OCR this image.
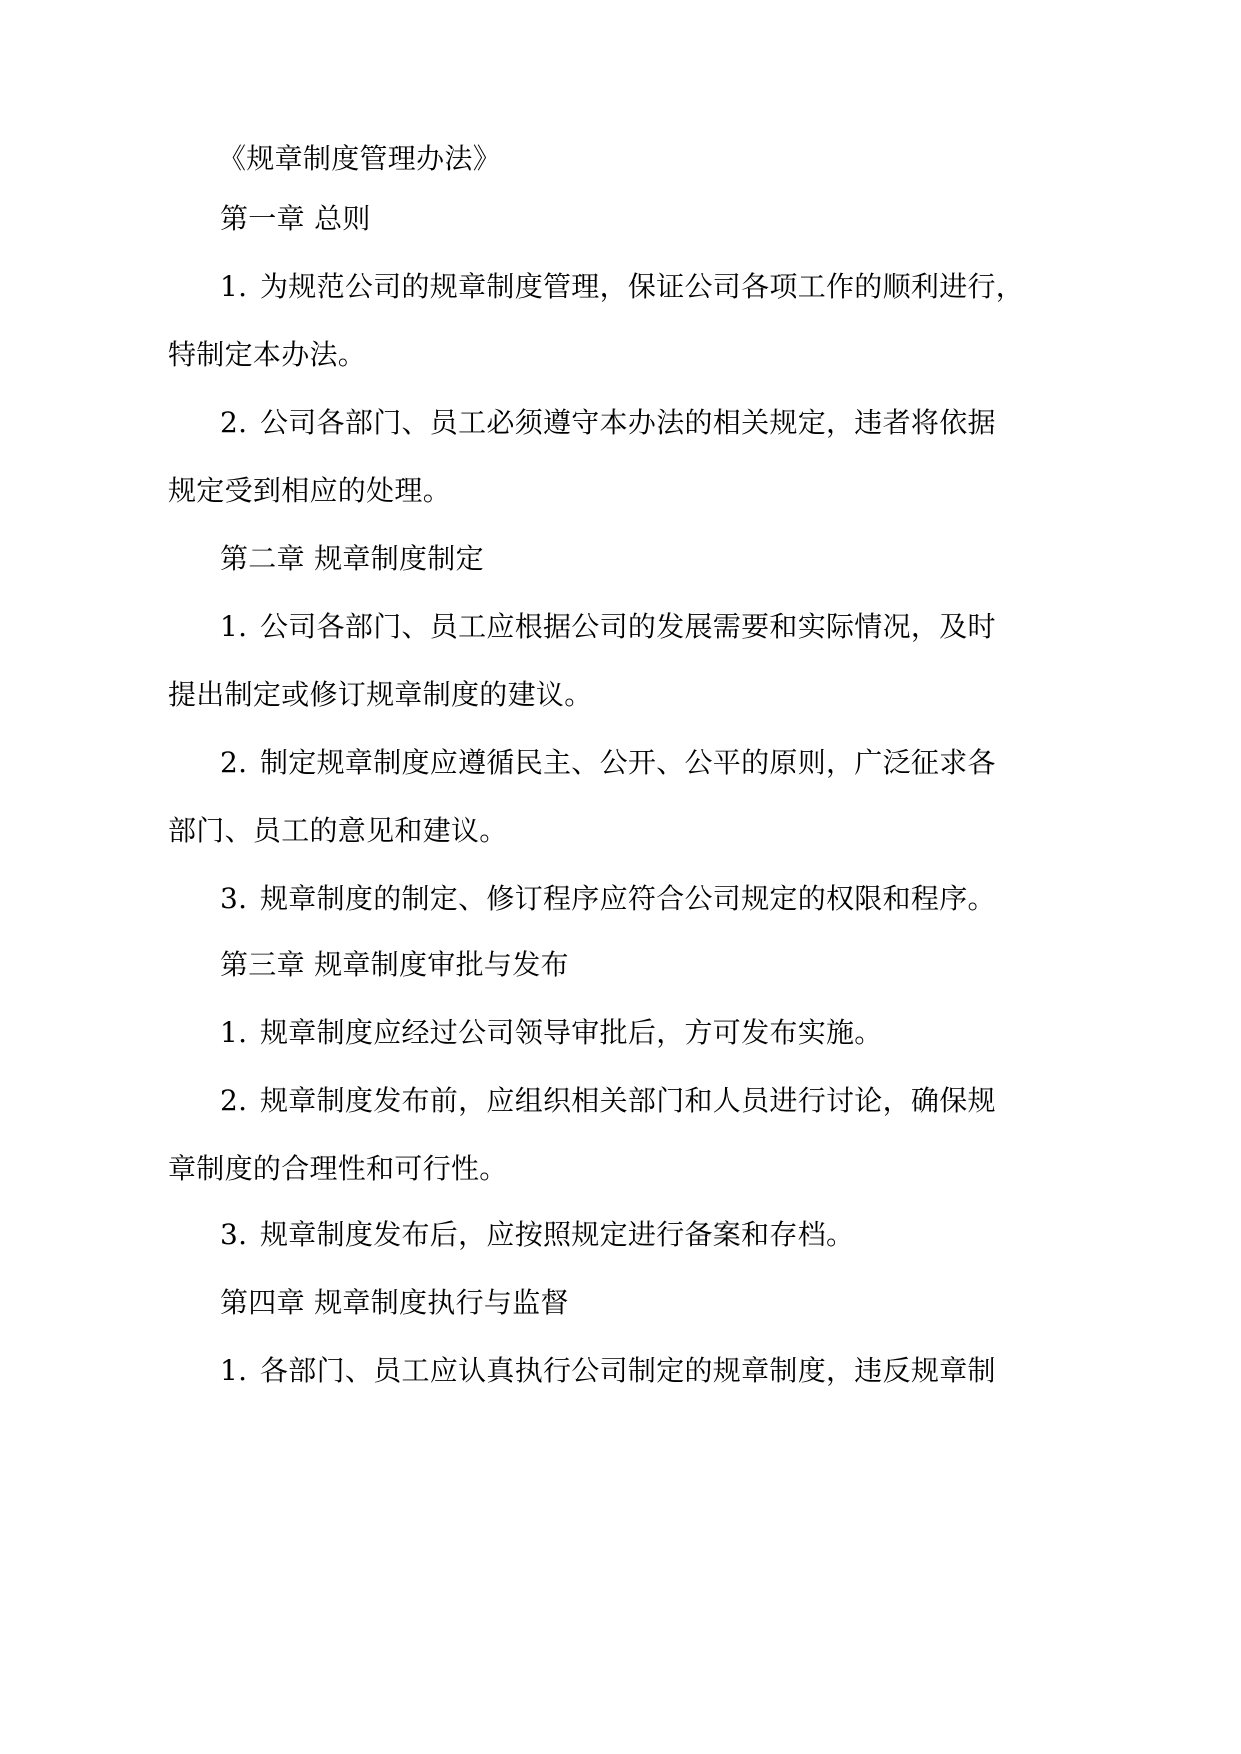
《规章制度管理办法》
第一章 总则
1. 为规范公司的规章制度管理，保证公司各项工作的顺利进行，
特制定本办法。
2. 公司各部门、员工必须遵守本办法的相关规定，违者将依据
规定受到相应的处理。
第二章 规章制度制定
1. 公司各部门、员工应根据公司的发展需要和实际情况，及时
提出制定或修订规章制度的建议。
2. 制定规章制度应遵循民主、公开、公平的原则，广泛征求各
部门、员工的意见和建议。
3. 规章制度的制定、修订程序应符合公司规定的权限和程序。
第三章 规章制度审批与发布
1. 规章制度应经过公司领导审批后，方可发布实施。
2. 规章制度发布前，应组织相关部门和人员进行讨论，确保规
章制度的合理性和可行性。
3. 规章制度发布后，应按照规定进行备案和存档。
第四章 规章制度执行与监督
1. 各部门、员工应认真执行公司制定的规章制度，违反规章制
